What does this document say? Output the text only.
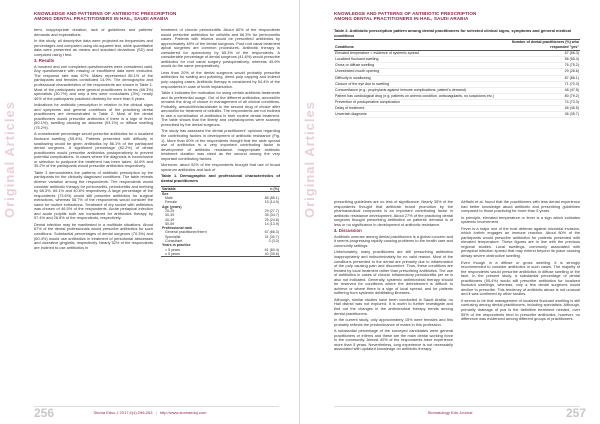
Original Articles
KNOWLEDGE AND PATTERNS OF ANTIBIOTIC PRESCRIPTION
AMONG DENTAL PRACTITIONERS IN HAIL, SAUDI ARABIA

term, inappropriate duration, lack of guidelines and patients' demands and expectations.

In this study, all descriptive data were projected as frequencies and percentages and compared using chi-squared test, while quantitative data were presented as means and standard deviations (SD) and compared using t test.

3. Results

A hundred and one completed questionnaires were considered valid. Any questionnaire with missing or insufficient data were excluded. The response rate was 67%. Males represented 85.1% of the participants and females constituted 14.9%. The demographic and professional characteristics of the respondents are shown in Table 1. Most of the participants were general practitioners in terms (66.3%) specialists (30.7%) and only a few were consultants (3%), nearly 40% of the participants practiced dentistry for more than 5 years.

Indications for antibiotic prescription in relation to the clinical signs and symptoms and general conditions of the practicing dental practitioners are demonstrated in Table 2. Most of the dental practitioners would prescribe antibiotics if there is a sign of fever (80.1%), swelling causing an abscess (93.1%) or diffuse swelling (75.2%).

A considerable percentage would prescribe antibiotics for a localized fluctuant swelling (55.4%). Patients presented with difficulty in swallowing would be given antibiotics by 86.1% of the participant dental surgeons. A significant percentage (62.2%) of dental practitioners would prescribe antibiotics postoperatively to prevent potential complications. In cases where the diagnosis is inconclusive or selection to postpone the treatment has been taken, 44.6% and 35.2% of the participants would prescribe antibiotics respectively.

Table 3 demonstrates the patterns of antibiotic prescription by the participants for the clinically diagnosed conditions. The table reveals diverse variation among the respondents. The respondents would consider antibiotic therapy for pericoronitis, periodontitis and teething by 68.3%, 69.1% and 40.6% respectively. A large percentage of the respondents (73.6%) would still prescribe antibiotics for surgical extractions, whereas 58.7% of the respondents would consider the same for routine extractions. Treatment of dry socket with antibiotics was chosen of 46.5% of the respondents. Acute periapical infection and acute pulpitis both are considered for antibiotics therapy by 57.4% and 26.8% of the respondents, respectively.

Dental infection may be manifested in a multitude situations. About 67% of the dental professionals would prescribe antibiotics for such conditions. Substantial percentages of dental surgeons (70.3%) and (60.4%) would use antibiotics in treatment of periodontal abscesses and ulcerative gingivitis, respectively. Nearly 52% of the respondents are inclined to use antibiotics in

treatment of chronic periodontitis. About 80% of the respondents would prescribe antibiotics for cellulitis and 66.3% for pericoronitis cases. Patients with trismus would be prescribed antibiotics by approximately 48% of the dental surgeons. Post root canal treatment apical surgeries are common procedures. Antibiotic therapy is considered for apicectomy by 65.3% of the respondents. A considerable percentage of dental surgeons (41.6%) would prescribe antibiotics for root canal surgery postoperatively, whereas 45.6% would do the same preoperatively.

Less than 20% of the dental surgeons would probably prescribe antibiotics for scaling and polishing, direct pulp capping and indirect pulp capping cases. Antibiotic therapy is considered by 54.4% of the respondents in case of tooth implantation.

Table 4 indicates the motivation for using certain antibiotic treatments and its preferential usage. Out of the different antibiotics, amoxicillin remains the drug of choice in management of all clinical conditions. Probably, amoxicillin/clavulanate is the second drug of choice after amoxicillin for treatment of cellulitis. The respondents are not inclined to use a combination of antibiotics in their routine dental treatment. The table shows that the liberty and cephalosporins were scarcely prescribed by the dental surgeons.

The study has assessed the dental practitioners' opinions regarding the contributing factors in development of antibiotic resistance (Fig. 1). More than 60% of the respondents thought that the wide spread use of antibiotics is a very important contributing factor to development of antibiotic resistance. Inappropriate antibiotic treatment duration was rated as the second among the very important contributing factors.

Moreover, about 52% of the respondents thought that use of broad spectrum antibiotics and lack of

Table 1. Demographic and professional characteristics of dental practitioners
Variable	n (%)
Sex	
Male	86 (85.1)
Female	15 (14.9)
Age (years)	
25-29	29 (27.7)
30-39	35 (34.7)
40-49	25 (24.8)
50-59	14 (13.9)
Professional rank	
General practitioner/Intern	67 (66.3)
Specialist	31 (30.7)
Consultant	3 (3.0)
Years in practice	
< 5 years	61 (60.4)
≥ 5 years	40 (39.6)
256	Stoma Educ J 2017;4(4):256-263 | http://www.stomaeduj.com
Original Articles
KNOWLEDGE AND PATTERNS OF ANTIBIOTIC PRESCRIPTION
AMONG DENTAL PRACTITIONERS IN HAIL, SAUDI ARABIA
Table 2. Antibiotic prescription pattern among dental practitioners for selected clinical signs, symptoms and general medical conditions
	Number of dental practitioners (%) who
Conditions	responded "yes"
Elevated temperature > evidence of systemic spread	67 (66.3)
Localized fluctuant swelling	56 (55.4)
Gross or diffuse swelling	76 (75.2)
Unrestricted mouth opening	29 (28.6)
Difficulty in swallowing	87 (86.1)
Closure of the eye due to swelling	71 (70.3)
Concomitance (e.g., prophylaxis against immune complications, patient's demand)	48 (47.5)
Patient has cardiological drug (e.g. patients on anemic condition, anticoagulants, no suspicions etc.)	80 (79.2)
Prevention of postoperative complication	74 (73.3)
Delay of treatment	46 (45.5)
Uncertain diagnosis	36 (35.7)

prescribing guidelines are no less of significance. Nearly 35% of the respondents thought that antibiotic brand promotion by the pharmaceutical companies is an important contributing factor in antibiotic resistance development. About 27% of the practicing dental surgeons thought prescribing antibiotics on patients' demand is of less or no significance in development of antibiotic resistance.

4. Discussion

Antibiotic overuse among dental practitioners is a global concern and it seems progressing rapidly causing problems to the health care and community settings.

Unfortunately, many practitioners are still prescribing antibiotics inappropriately and indiscriminately for no valid reason. Most of the conditions presented to the dental are primarily due to inflammation of the pulp causing pain and discomfort. Thus, these conditions are treated by local treatment rather than prescribing antibiotics. The use of antibiotics in cases of chronic inflammatory periodontitis per se is also not indicated. Generally, systemic antimicrobial therapy should be reserved for conditions where the debridement is difficult to achieve or where there is a sign of local spread, and for patients suffering from systemic debilitating illnesses.

Although, similar studies have been conducted in Saudi Arabia, no Hail district was not explored. It is worth to further investigate and find out the changes in the antimicrobial therapy trends among dental practitioners.

In the current study, only approximately 15% were females and this probably reflects the predominance of males in this profession.

A substantial percentage of the surveyed candidates were general practitioners or interns and these are the main dental working force in the community. Almost 40% of the respondents have experience more than 5 years. Nevertheless, long experience is not necessarily associated with updated knowledge on antibiotic therapy.

Alrifaihi et al. found that the practitioners with less dental experience had better knowledge about antibiotic and prescribing guidelines compared to those practicing for more than 5 years.

In principle, elevated temperature or fever is a sign which indicates systemic involvement.

Fever is a major one of the host defense against microbial invasion, which further engages an immune reaction. About 80% of the participants would prescribe antibiotics for patients presented with elevated temperature. These figures are in line with the previous regional studies. Local swellings, commonly associated with periapical infection spread that may extend beyond its place causing airway severe obstructive swelling.

Even though in a diffuse or gross swelling, it is strongly recommended to consider antibiotics in such cases. The majority of the respondents would prescribe antibiotics in diffuse swelling of the face. In the present study, a substantial percentage of dental practitioners (55.4%) would still prescribe antibiotics for localized fluctuant swellings, whereas, only a few dental surgeons would decline to prescribe. This tendency of antibiotic abuse is not unusual and it was confirmed by other studies.

It seems to be that management of localized fluctuant swelling is still confusing among dental practitioners, including specialists. Although, primarily drainage of pus is the definitive treatment needed, over 55% of the respondents tend to prescribe antibiotics, however, no difference was evidenced among different groups of practitioners.

257
Stomatology Edu Journal
